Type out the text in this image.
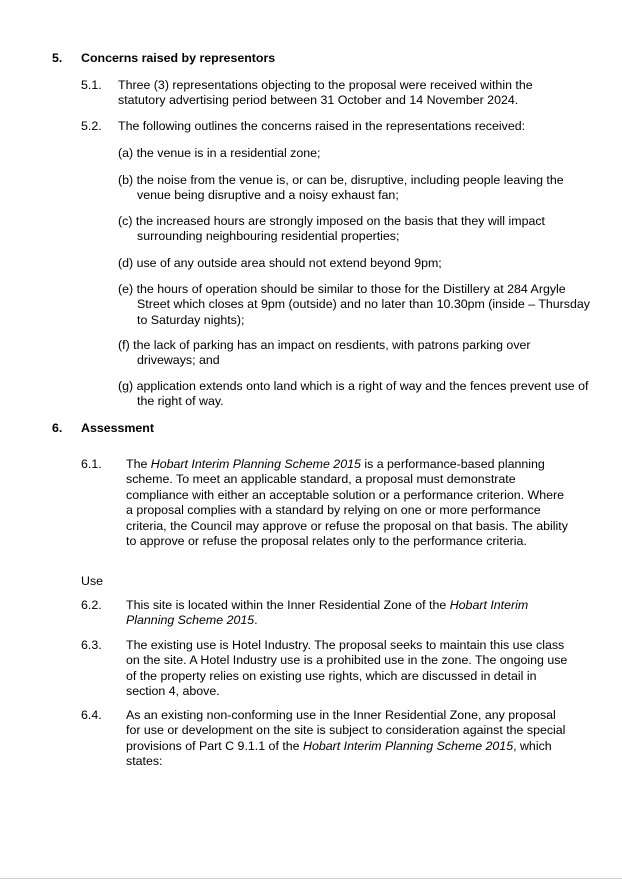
5. Concerns raised by representors
5.1. Three (3) representations objecting to the proposal were received within the statutory advertising period between 31 October and 14 November 2024.
5.2. The following outlines the concerns raised in the representations received:
(a) the venue is in a residential zone;
(b) the noise from the venue is, or can be, disruptive, including people leaving the venue being disruptive and a noisy exhaust fan;
(c) the increased hours are strongly imposed on the basis that they will impact surrounding neighbouring residential properties;
(d) use of any outside area should not extend beyond 9pm;
(e) the hours of operation should be similar to those for the Distillery at 284 Argyle Street which closes at 9pm (outside) and no later than 10.30pm (inside – Thursday to Saturday nights);
(f) the lack of parking has an impact on resdients, with patrons parking over driveways; and
(g) application extends onto land which is a right of way and the fences prevent use of the right of way.
6. Assessment
6.1. The Hobart Interim Planning Scheme 2015 is a performance-based planning scheme. To meet an applicable standard, a proposal must demonstrate compliance with either an acceptable solution or a performance criterion. Where a proposal complies with a standard by relying on one or more performance criteria, the Council may approve or refuse the proposal on that basis. The ability to approve or refuse the proposal relates only to the performance criteria.
Use
6.2. This site is located within the Inner Residential Zone of the Hobart Interim Planning Scheme 2015.
6.3. The existing use is Hotel Industry. The proposal seeks to maintain this use class on the site. A Hotel Industry use is a prohibited use in the zone. The ongoing use of the property relies on existing use rights, which are discussed in detail in section 4, above.
6.4. As an existing non-conforming use in the Inner Residential Zone, any proposal for use or development on the site is subject to consideration against the special provisions of Part C 9.1.1 of the Hobart Interim Planning Scheme 2015, which states:
